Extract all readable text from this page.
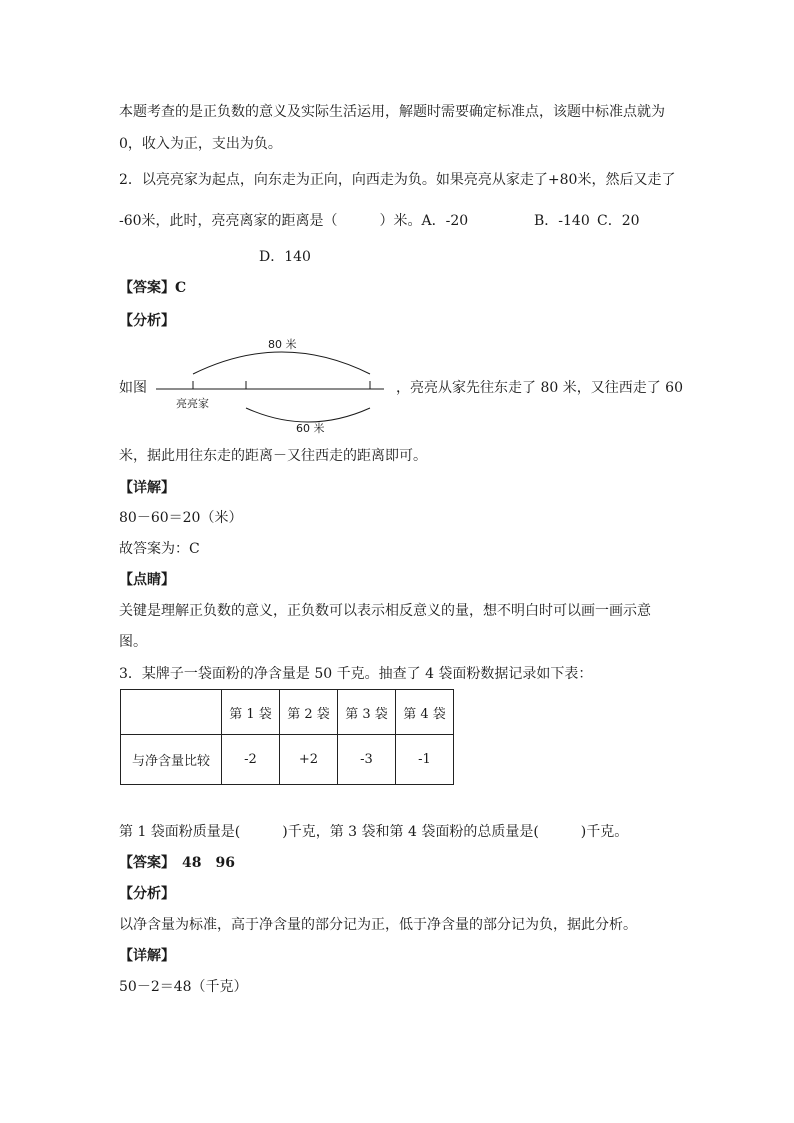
本题考查的是正负数的意义及实际生活运用，解题时需要确定标准点，该题中标准点就为
0，收入为正，支出为负。
2．以亮亮家为起点，向东走为正向，向西走为负。如果亮亮从家走了+80米，然后又走了
-60米，此时，亮亮离家的距离是（　　　）米。A．-20	B．-140 C．20
D．140
【答案】C
【分析】
如图
80 米
亮亮家
60 米
，亮亮从家先往东走了 80 米，又往西走了 60
米，据此用往东走的距离－又往西走的距离即可。
【详解】
80－60＝20（米）
故答案为：C
【点睛】
关键是理解正负数的意义，正负数可以表示相反意义的量，想不明白时可以画一画示意
图。
3．某牌子一袋面粉的净含量是 50 千克。抽查了 4 袋面粉数据记录如下表：
	第 1 袋	第 2 袋	第 3 袋	第 4 袋
与净含量比较	-2	+2	-3	-1
第 1 袋面粉质量是(　　　)千克，第 3 袋和第 4 袋面粉的总质量是(　　　)千克。
【答案】　48　96
【分析】
以净含量为标准，高于净含量的部分记为正，低于净含量的部分记为负，据此分析。
【详解】
50－2＝48（千克）
